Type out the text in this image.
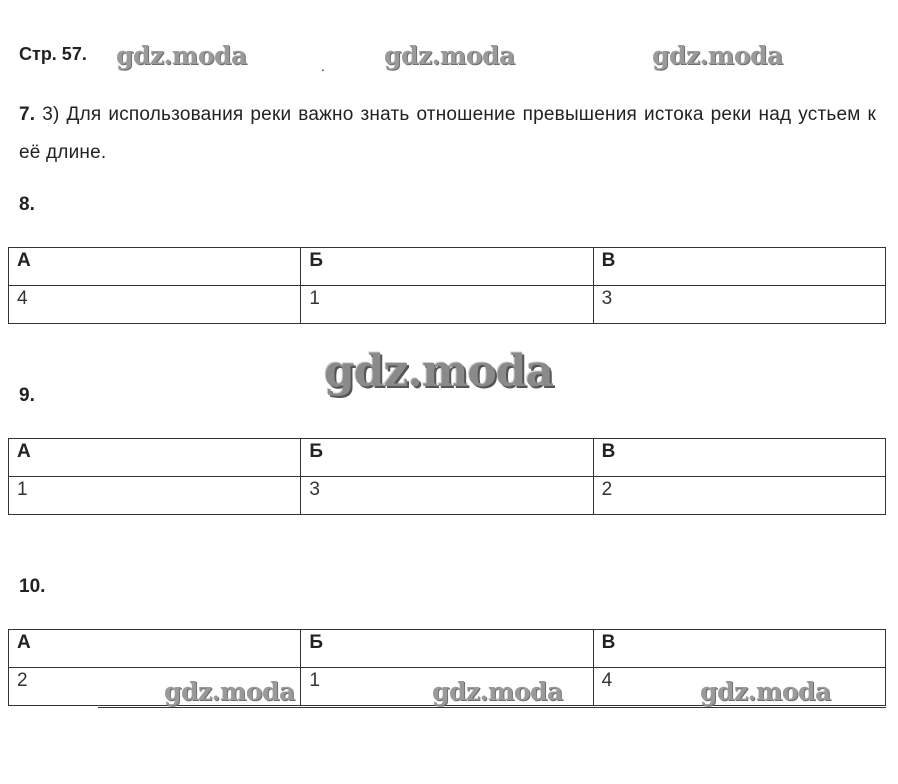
Стр. 57.
.
7. 3) Для использования реки важно знать отношение превышения истока реки над устьем к её длине.
8.
А	Б	В
4	1	3
9.
А	Б	В
1	3	2
10.
А	Б	В
2	1	4
gdz.moda	gdz.moda	gdz.moda
gdz.moda
gdz.moda	gdz.moda	gdz.moda
